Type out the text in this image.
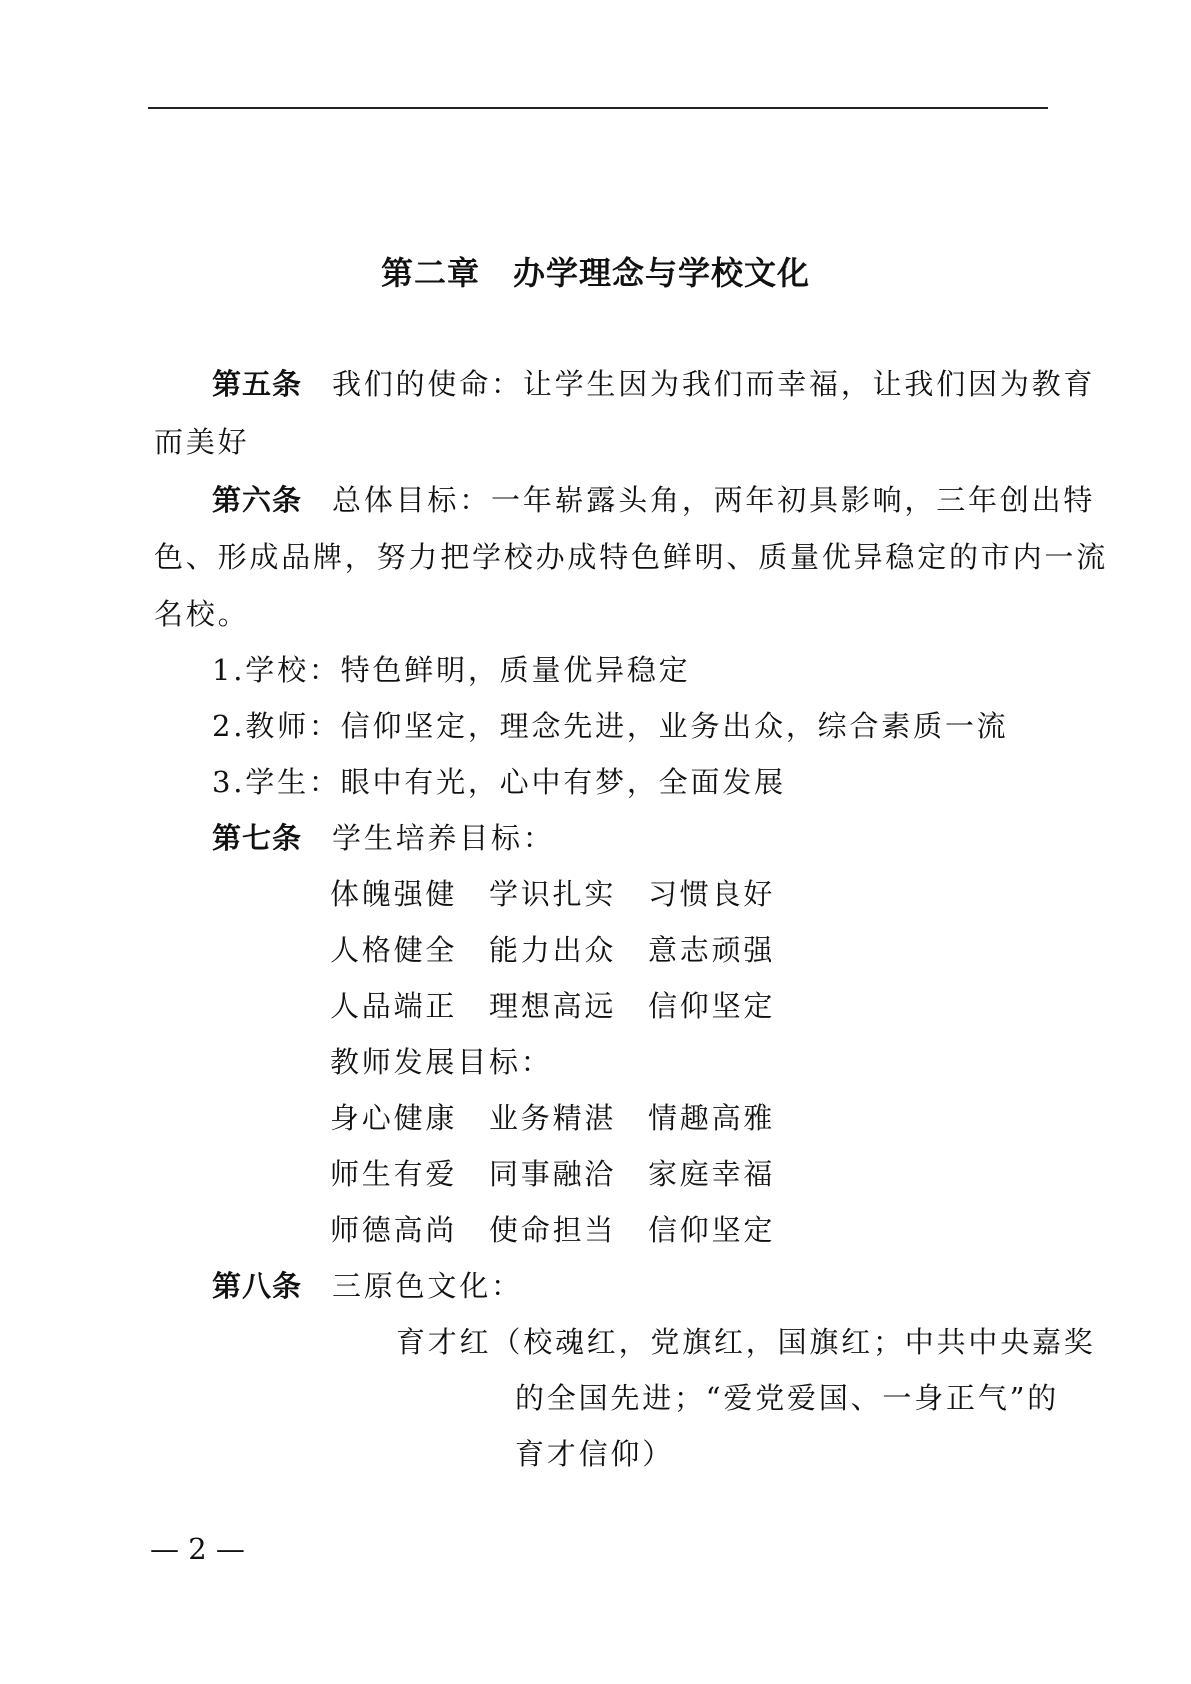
第二章　办学理念与学校文化
第五条 我们的使命：让学生因为我们而幸福，让我们因为教育
而美好
第六条 总体目标：一年崭露头角，两年初具影响，三年创出特
色、形成品牌，努力把学校办成特色鲜明、质量优异稳定的市内一流
名校。
1.学校：特色鲜明，质量优异稳定
2.教师：信仰坚定，理念先进，业务出众，综合素质一流
3.学生：眼中有光，心中有梦，全面发展
第七条 学生培养目标：
体魄强健　学识扎实　习惯良好
人格健全　能力出众　意志顽强
人品端正　理想高远　信仰坚定
教师发展目标：
身心健康　业务精湛　情趣高雅
师生有爱　同事融洽　家庭幸福
师德高尚　使命担当　信仰坚定
第八条 三原色文化：
育才红（校魂红，党旗红，国旗红；中共中央嘉奖
的全国先进；“爱党爱国、一身正气”的
育才信仰）
— 2 —
